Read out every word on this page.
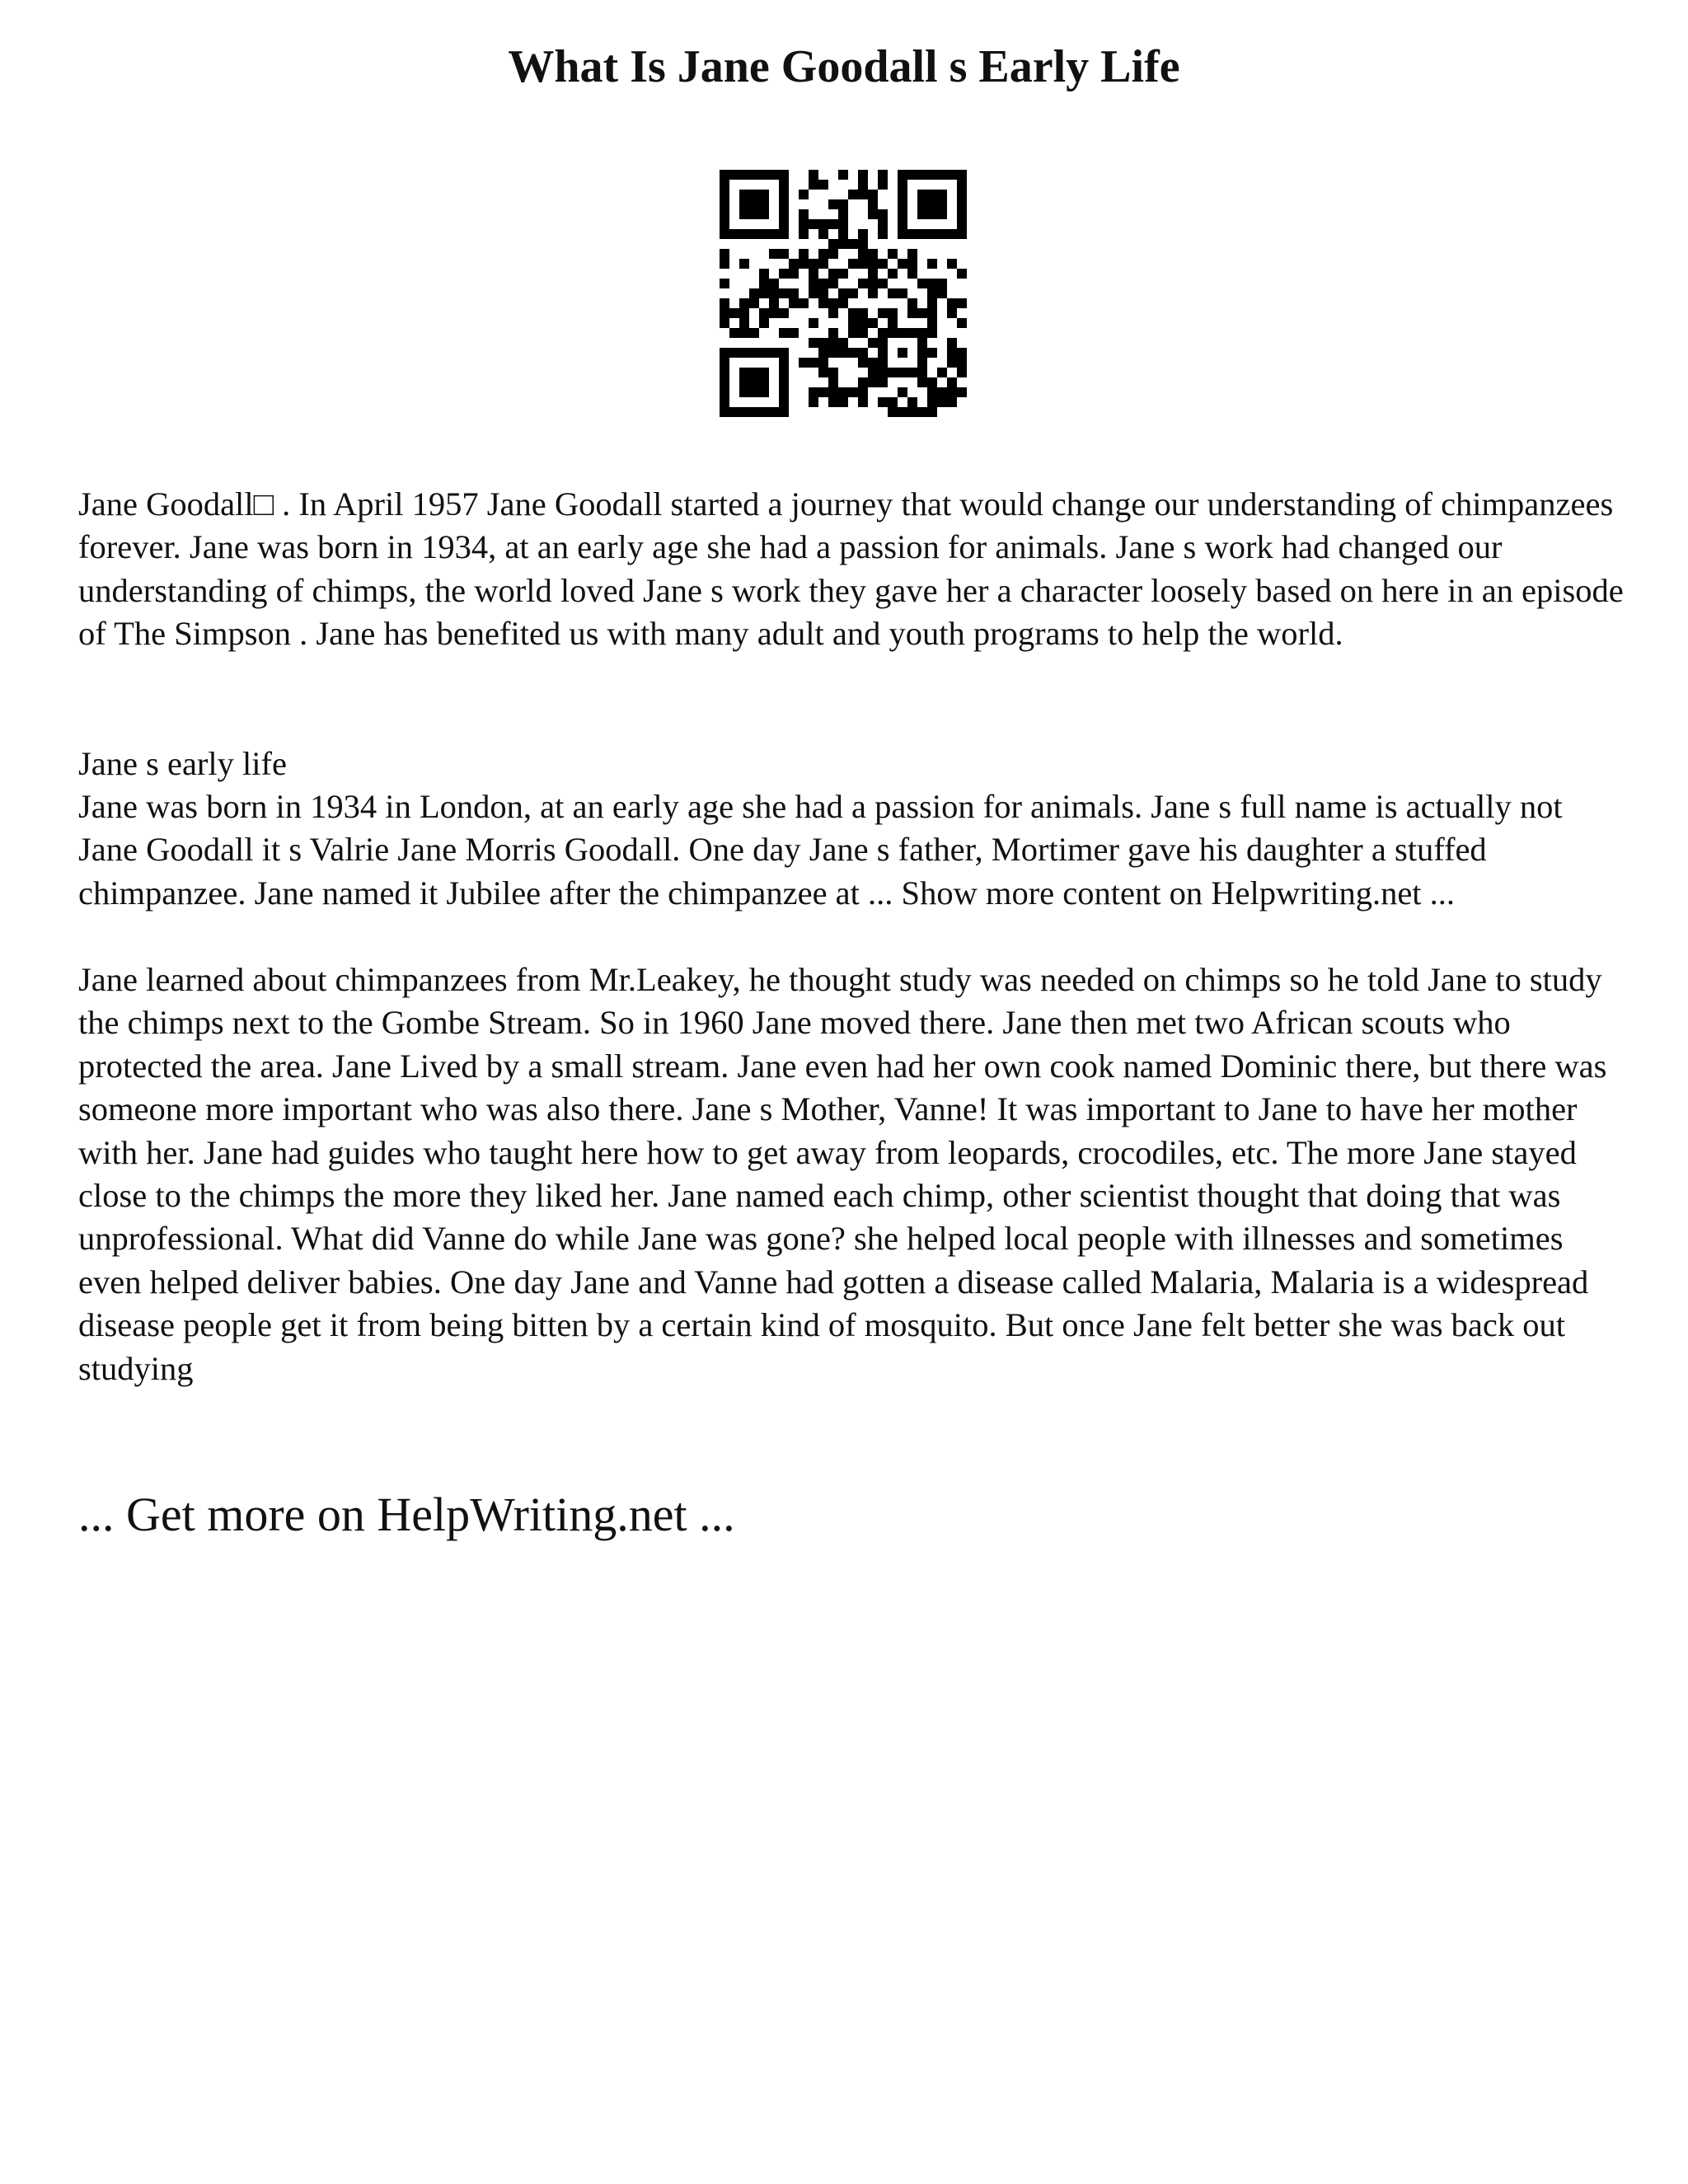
What Is Jane Goodall s Early Life

Jane Goodall□ . In April 1957 Jane Goodall started a journey that would change our understanding of chimpanzees forever. Jane was born in 1934, at an early age she had a passion for animals. Jane s work had changed our understanding of chimps, the world loved Jane s work they gave her a character loosely based on here in an episode of The Simpson . Jane has benefited us with many adult and youth programs to help the world.

Jane s early life

Jane was born in 1934 in London, at an early age she had a passion for animals. Jane s full name is actually not Jane Goodall it s Valrie Jane Morris Goodall. One day Jane s father, Mortimer gave his daughter a stuffed chimpanzee. Jane named it Jubilee after the chimpanzee at ... Show more content on Helpwriting.net ...

Jane learned about chimpanzees from Mr.Leakey, he thought study was needed on chimps so he told Jane to study the chimps next to the Gombe Stream. So in 1960 Jane moved there. Jane then met two African scouts who protected the area. Jane Lived by a small stream. Jane even had her own cook named Dominic there, but there was someone more important who was also there. Jane s Mother, Vanne! It was important to Jane to have her mother with her. Jane had guides who taught here how to get away from leopards, crocodiles, etc. The more Jane stayed close to the chimps the more they liked her. Jane named each chimp, other scientist thought that doing that was unprofessional. What did Vanne do while Jane was gone? she helped local people with illnesses and sometimes even helped deliver babies. One day Jane and Vanne had gotten a disease called Malaria, Malaria is a widespread disease people get it from being bitten by a certain kind of mosquito. But once Jane felt better she was back out studying

... Get more on HelpWriting.net ...
